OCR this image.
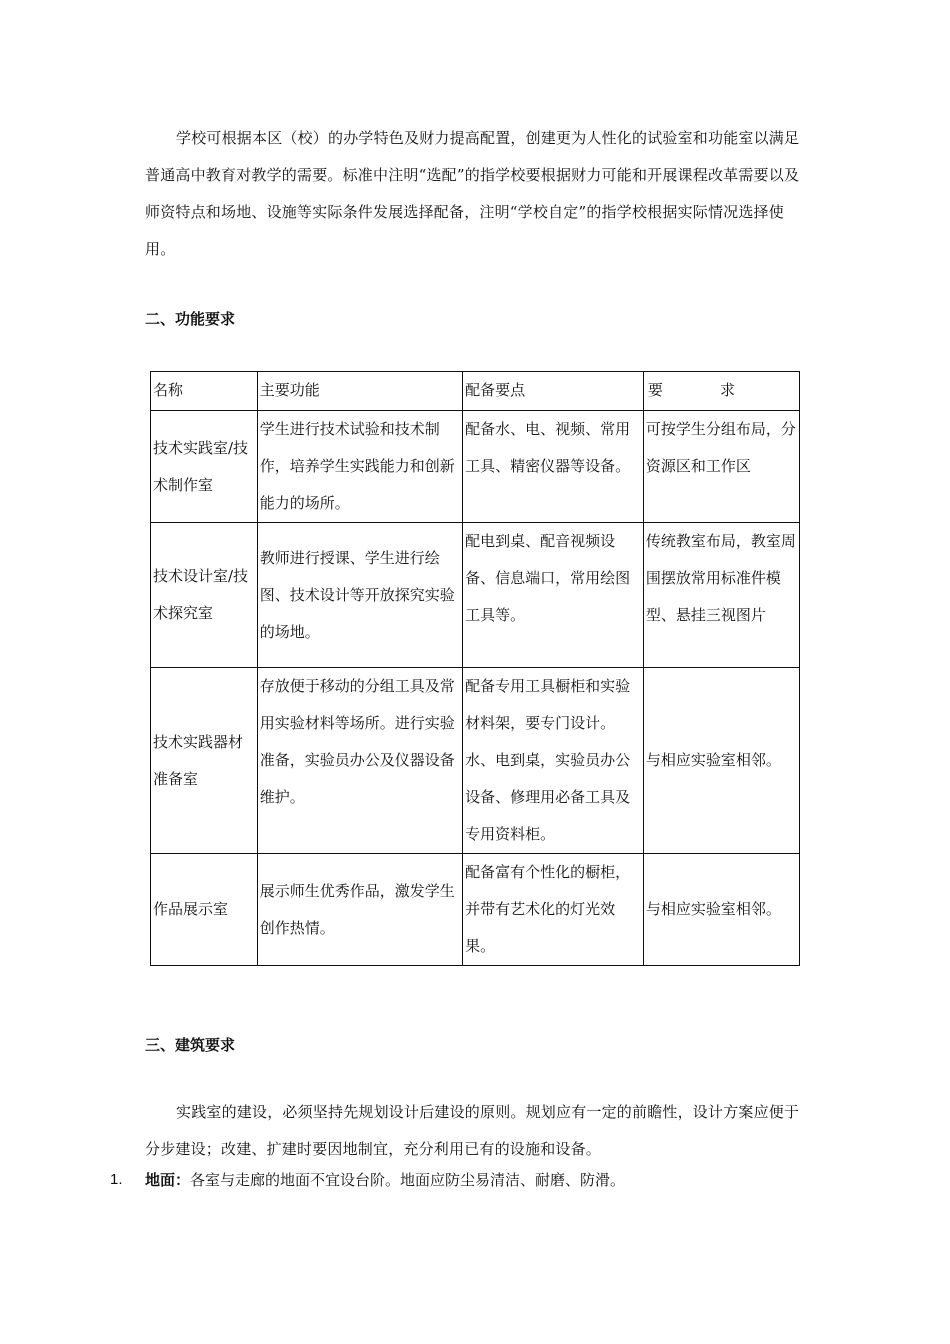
学校可根据本区（校）的办学特色及财力提高配置，创建更为人性化的试验室和功能室以满足普通高中教育对教学的需要。标准中注明“选配”的指学校要根据财力可能和开展课程改革需要以及师资特点和场地、设施等实际条件发展选择配备，注明“学校自定”的指学校根据实际情况选择使用。

二、功能要求
名称	主要功能	配备要点	要 求

技术实践室/技术制作室	学生进行技术试验和技术制作，培养学生实践能力和创新能力的场所。	配备水、电、视频、常用工具、精密仪器等设备。	可按学生分组布局，分资源区和工作区
技术设计室/技术探究室	教师进行授课、学生进行绘图、技术设计等开放探究实验的场地。	配电到桌、配音视频设备、信息端口，常用绘图工具等。	传统教室布局，教室周围摆放常用标准件模型、悬挂三视图片
技术实践器材准备室	存放便于移动的分组工具及常用实验材料等场所。进行实验准备，实验员办公及仪器设备维护。	配备专用工具橱柜和实验材料架，要专门设计。水、电到桌，实验员办公设备、修理用必备工具及专用资料柜。	与相应实验室相邻。
作品展示室	展示师生优秀作品，激发学生创作热情。	配备富有个性化的橱柜，并带有艺术化的灯光效果。	与相应实验室相邻。
三、建筑要求

实践室的建设，必须坚持先规划设计后建设的原则。规划应有一定的前瞻性，设计方案应便于分步建设；改建、扩建时要因地制宜，充分利用已有的设施和设备。

1. 地面：各室与走廊的地面不宜设台阶。地面应防尘易清洁、耐磨、防滑。
